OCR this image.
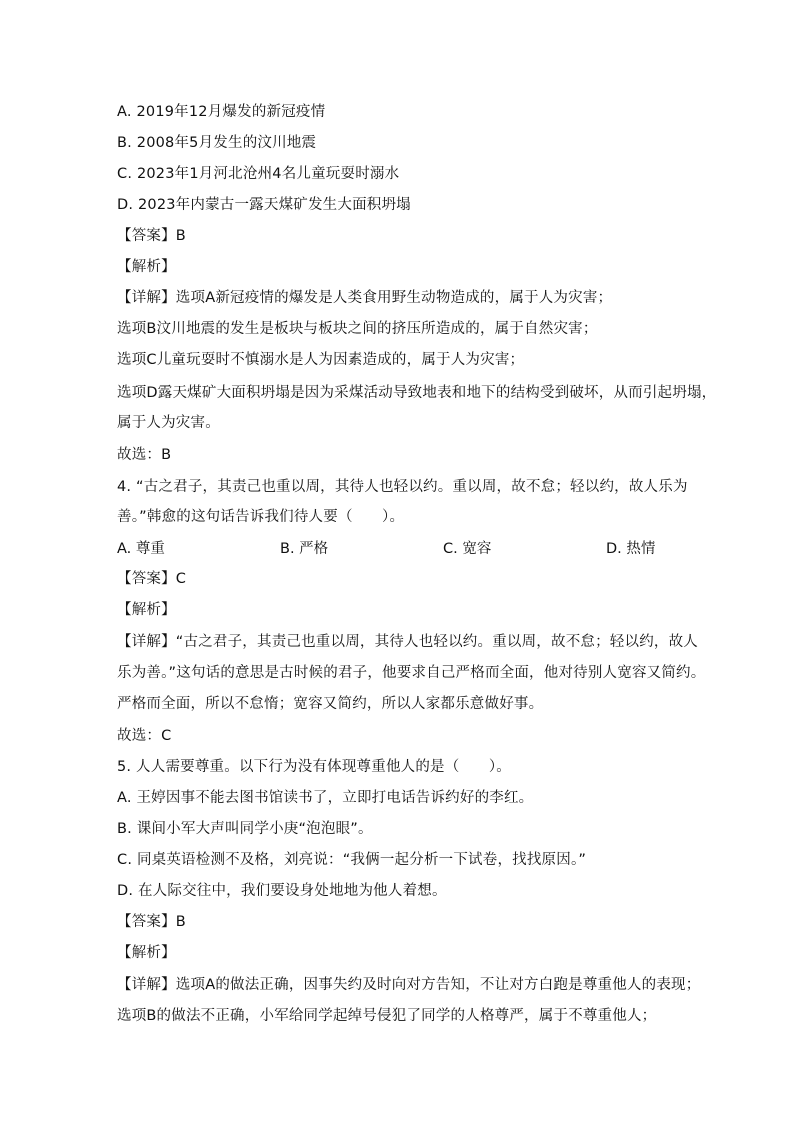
A. 2019年12月爆发的新冠疫情
B. 2008年5月发生的汶川地震
C. 2023年1月河北沧州4名儿童玩耍时溺水
D. 2023年内蒙古一露天煤矿发生大面积坍塌
【答案】B
【解析】
【详解】选项A新冠疫情的爆发是人类食用野生动物造成的，属于人为灾害；
选项B汶川地震的发生是板块与板块之间的挤压所造成的，属于自然灾害；
选项C儿童玩耍时不慎溺水是人为因素造成的，属于人为灾害；
选项D露天煤矿大面积坍塌是因为采煤活动导致地表和地下的结构受到破坏，从而引起坍塌，
属于人为灾害。
故选：B
4. “古之君子，其责己也重以周，其待人也轻以约。重以周，故不怠；轻以约，故人乐为
善。”韩愈的这句话告诉我们待人要（　　）。
A. 尊重	B. 严格	C. 宽容	D. 热情
【答案】C
【解析】
【详解】“古之君子，其责己也重以周，其待人也轻以约。重以周，故不怠；轻以约，故人
乐为善。”这句话的意思是古时候的君子，他要求自己严格而全面，他对待别人宽容又简约。
严格而全面，所以不怠惰；宽容又简约，所以人家都乐意做好事。
故选：C
5. 人人需要尊重。以下行为没有体现尊重他人的是（　　）。
A. 王婷因事不能去图书馆读书了，立即打电话告诉约好的李红。
B. 课间小军大声叫同学小庚“泡泡眼”。
C. 同桌英语检测不及格，刘亮说：“我俩一起分析一下试卷，找找原因。”
D. 在人际交往中，我们要设身处地地为他人着想。
【答案】B
【解析】
【详解】选项A的做法正确，因事失约及时向对方告知，不让对方白跑是尊重他人的表现；
选项B的做法不正确，小军给同学起绰号侵犯了同学的人格尊严，属于不尊重他人；
